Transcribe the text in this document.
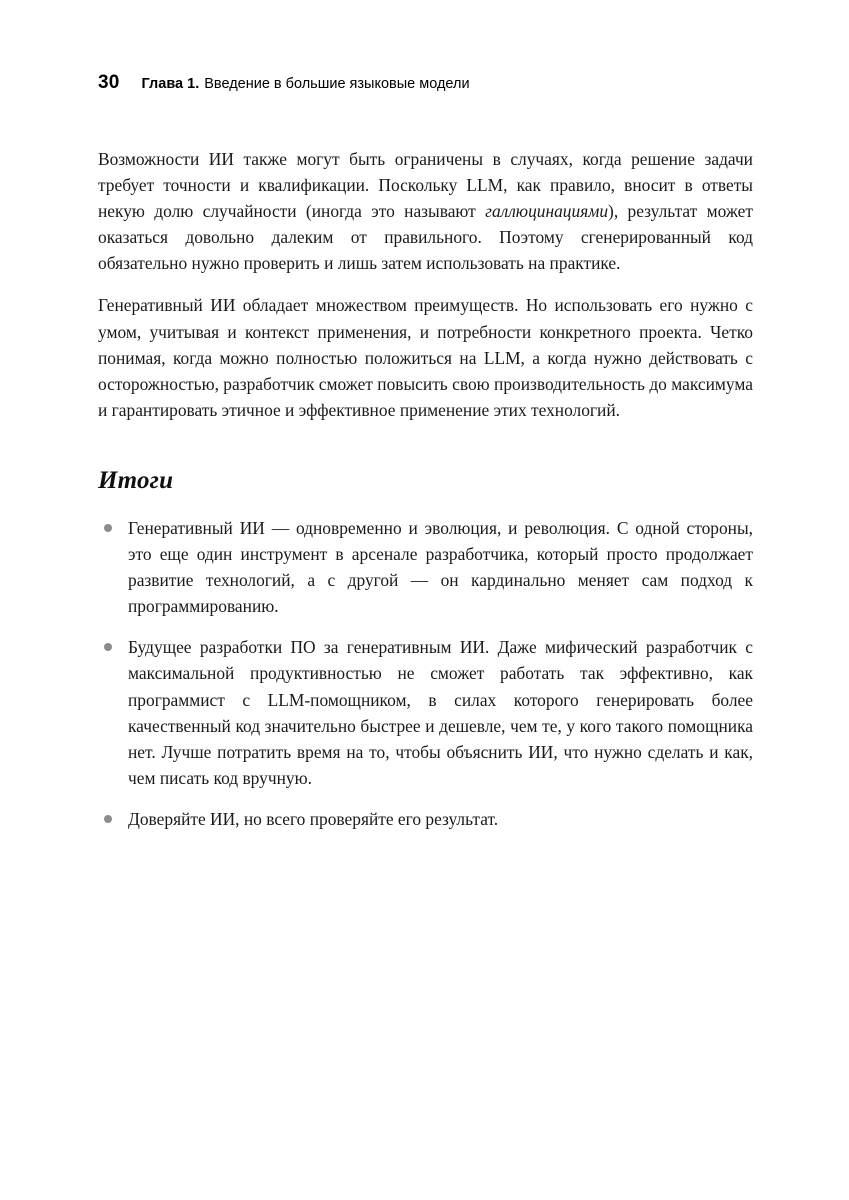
30 Глава 1. Введение в большие языковые модели

Возможности ИИ также могут быть ограничены в случаях, когда решение задачи требует точности и квалификации. Поскольку LLM, как правило, вносит в ответы некую долю случайности (иногда это называют галлюцинациями), результат может оказаться довольно далеким от правильного. Поэтому сгенерированный код обязательно нужно проверить и лишь затем использовать на практике.

Генеративный ИИ обладает множеством преимуществ. Но использовать его нужно с умом, учитывая и контекст применения, и потребности конкретного проекта. Четко понимая, когда можно полностью положиться на LLM, а когда нужно действовать с осторожностью, разработчик сможет повысить свою производительность до максимума и гарантировать этичное и эффективное применение этих технологий.

Итоги
Генеративный ИИ — одновременно и эволюция, и революция. С одной стороны, это еще один инструмент в арсенале разработчика, который просто продолжает развитие технологий, а с другой — он кардинально меняет сам подход к программированию.
Будущее разработки ПО за генеративным ИИ. Даже мифический разработчик с максимальной продуктивностью не сможет работать так эффективно, как программист с LLM-помощником, в силах которого генерировать более качественный код значительно быстрее и дешевле, чем те, у кого такого помощника нет. Лучше потратить время на то, чтобы объяснить ИИ, что нужно сделать и как, чем писать код вручную.
Доверяйте ИИ, но всего проверяйте его результат.
